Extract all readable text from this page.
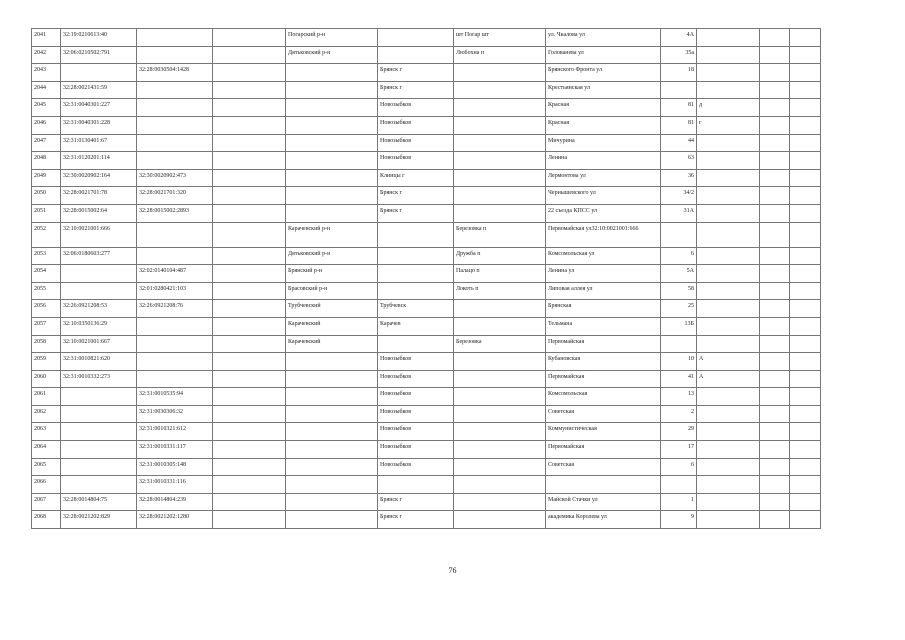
2041	32:19:0210613:40			Погарский р-н		шт Погар шт	ул. Чкалова ул	4А			
2042	32:06:0210502:791			Дятьковский р-н		Любохна п	Голованева ул	35а			
2043		32:28:0030504:1428			Брянск г		Брянского Фронта ул	18			
2044	32:28:0021431:59				Брянск г		Крестьянская ул				
2045	32:31:0040301:227				Новозыбков		Красная	81	д		
2046	32:31:0040301:228				Новозыбков		Красная	81	г		
2047	32:31:0130401:67				Новозыбков		Мичурина	44			
2048	32:31:0120201:114				Новозыбков		Ленина	63			
2049	32:30:0020902:164	32:30:0020902:473			Клинцы г		Лермонтова ул	36			
2050	32:28:0021701:78	32:28:0021701:320			Брянск г		Чернышевского ул	34/2			
2051	32:28:0015002:64	32:28:0015002:2893			Брянск г		22 съезда КПСС ул	31А			
2052	32:10:0021001:666			Карачевский р-н		Березовка п	Первомайская ул32:10:0021001:666				
2053	32:06:0180603:277			Дятьковский р-н		Дружба п	Комсомольская ул	6			
2054		32:02:0140104:487		Брянский р-н		Палацо п	Ленина ул	5А			
2055		32:01:0280421:103		Брасовский р-н		Локоть п	Липовая аллея ул	58			
2056	32:26:0921208:53	32:26:0921208:76		Трубчевский	Трубчевск		Брянская	25			
2057	32:10:0350136:29			Карачевский	Карачев		Тельмана	13Б			
2058	32:10:0021001:667			Карачевский		Березовка	Первомайская				
2059	32:31:0010821:620				Новозыбков		Кубановская	10	А		
2060	32:31:0010332:273				Новозыбков		Первомайская	41	А		
2061		32:31:0010535:94			Новозыбков		Комсомольская	13			
2062		32:31:0030306:32			Новозыбков		Советская	2			
2063		32:31:0010321:612			Новозыбков		Коммунистическая	29			
2064		32:31:0010331:117			Новозыбков		Первомайская	17			
2065		32:31:0010305:148			Новозыбков		Советская	6			
2066		32:31:0010331:116									
2067	32:28:0014804:75	32:28:0014804:239			Брянск г		Майской Стачки ул	1			
2068	32:28:0021202:829	32:28:0021202:1280			Брянск г		академика Королева ул	9			
76
